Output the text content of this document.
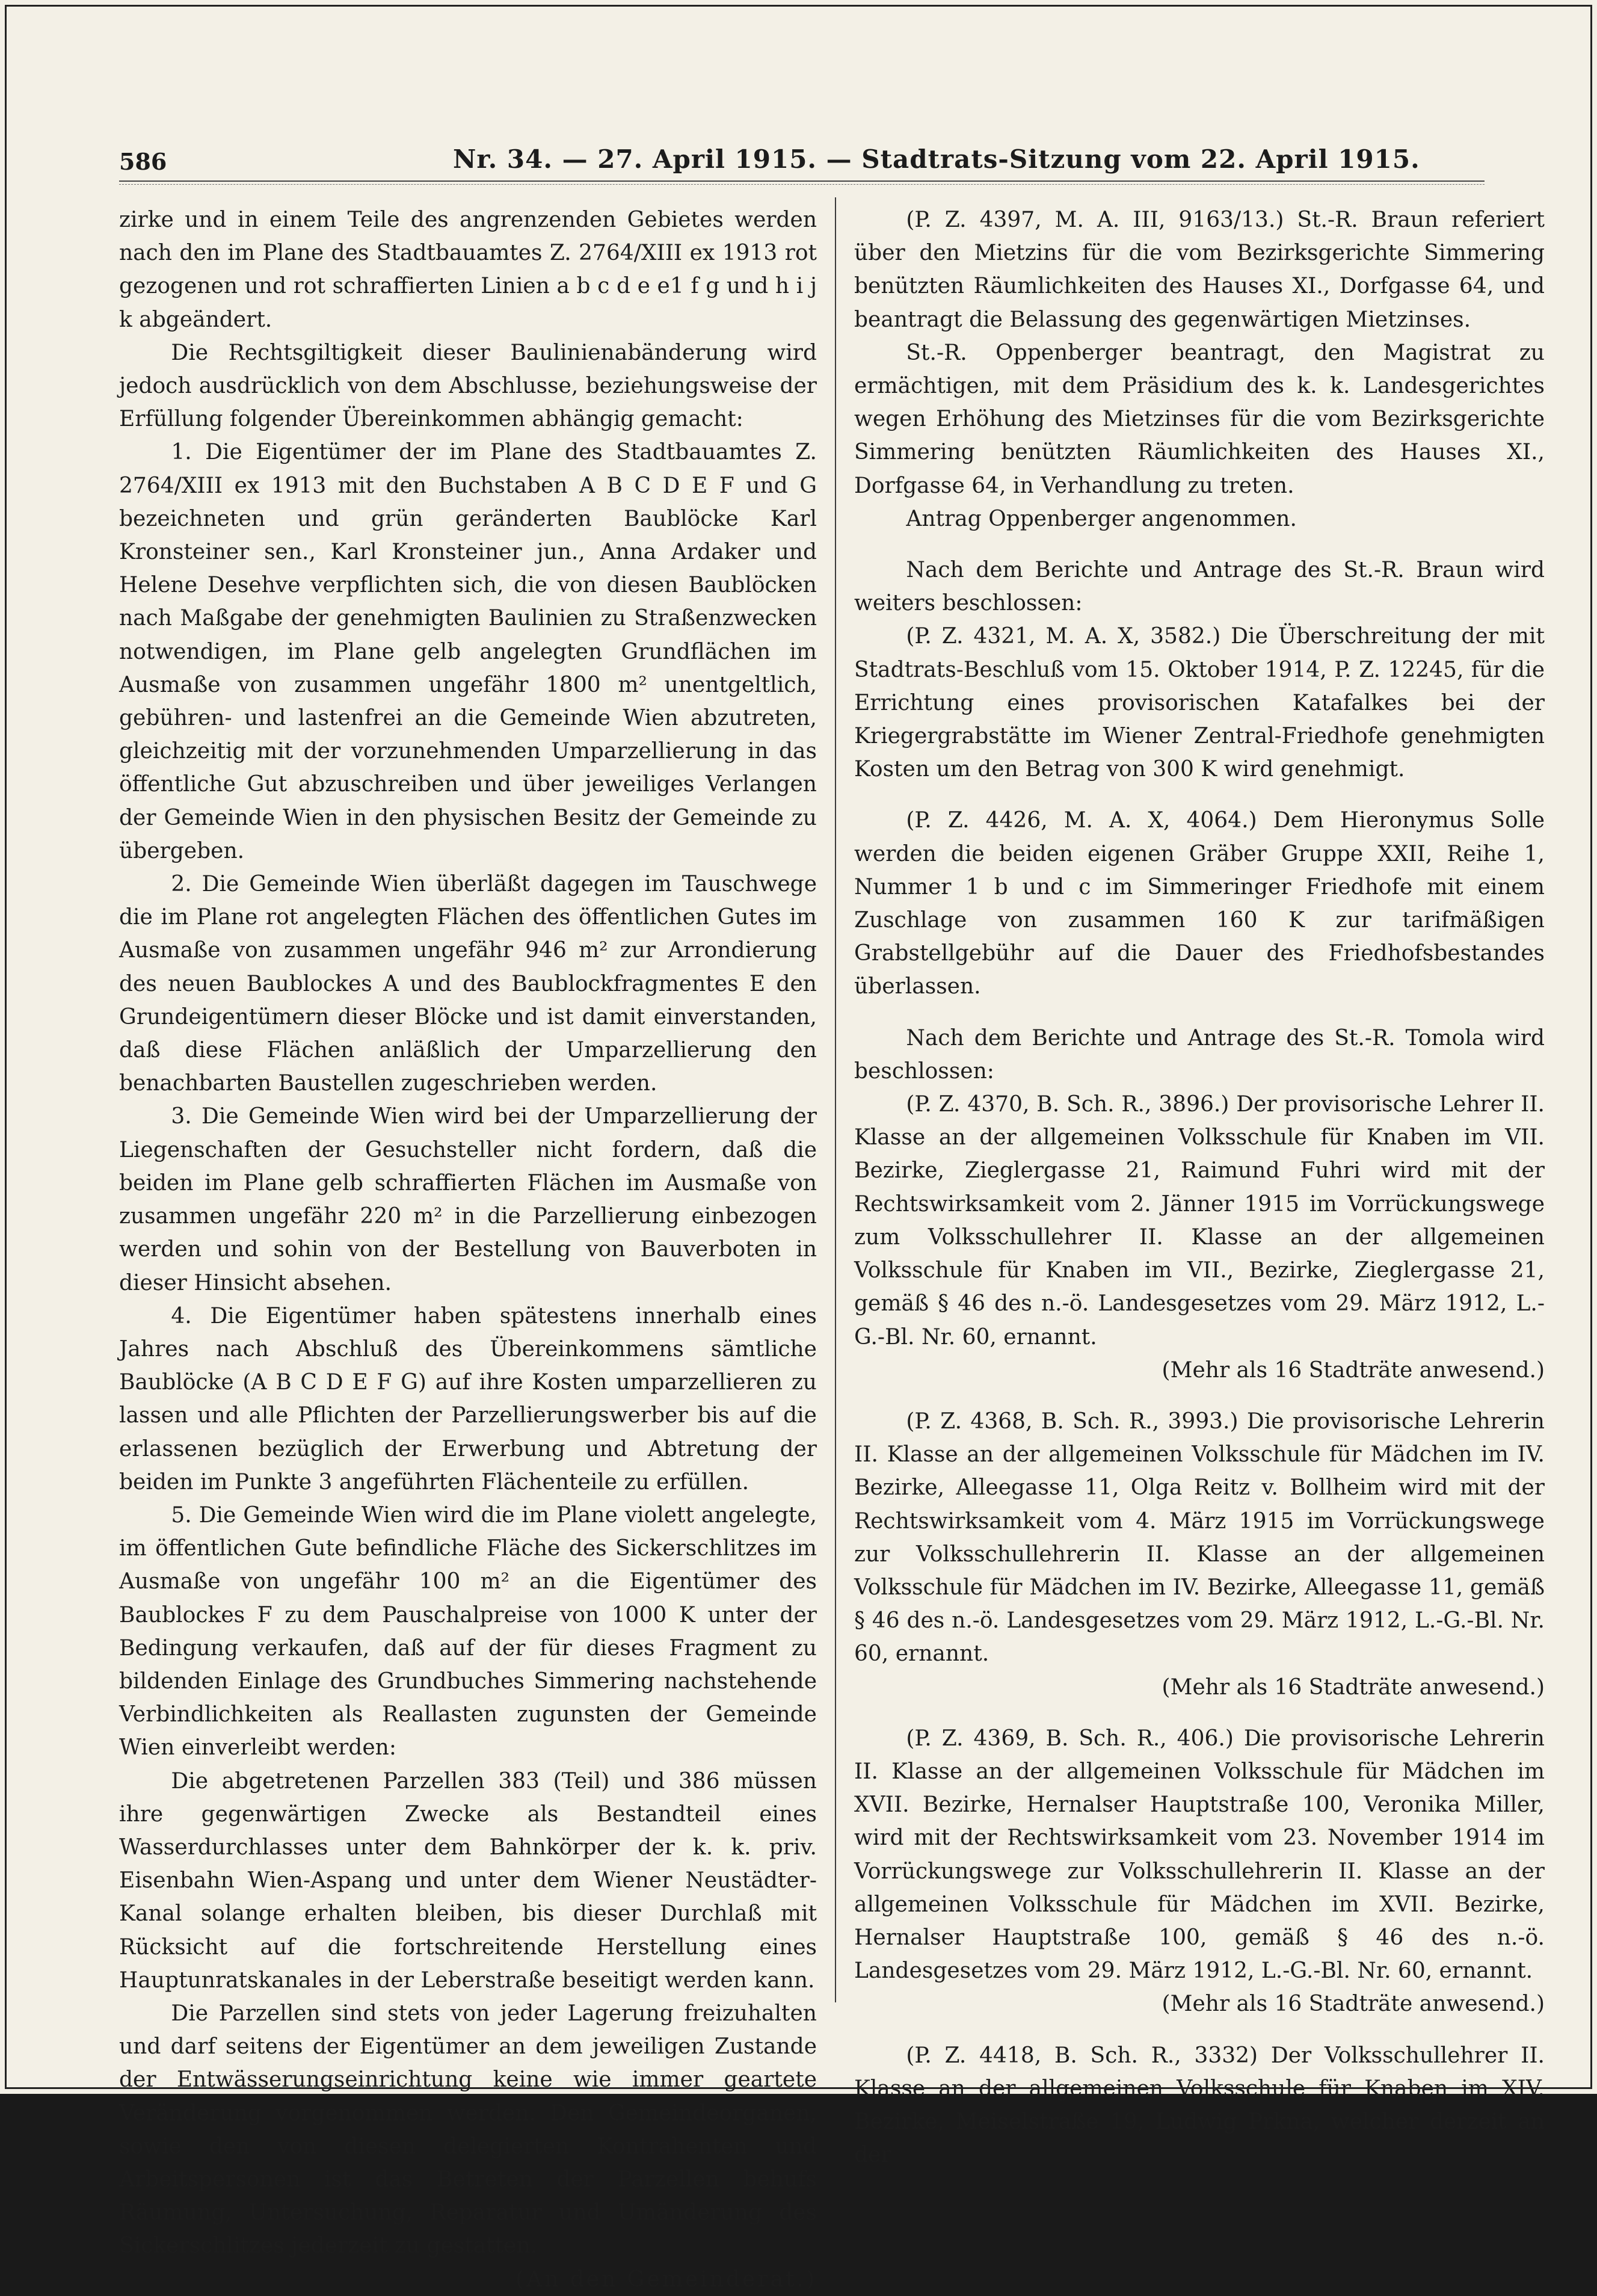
586	Nr. 34. — 27. April 1915. — Stadtrats-Sitzung vom 22. April 1915.

zirke und in einem Teile des angrenzenden Gebietes werden nach den im Plane des Stadtbauamtes Z. 2764/XIII ex 1913 rot gezogenen und rot schraffierten Linien a b c d e e1 f g und h i j k abgeändert.

Die Rechtsgiltigkeit dieser Baulinienabänderung wird jedoch ausdrücklich von dem Abschlusse, beziehungsweise der Erfüllung folgender Übereinkommen abhängig gemacht:

1. Die Eigentümer der im Plane des Stadtbauamtes Z. 2764/XIII ex 1913 mit den Buchstaben A B C D E F und G bezeichneten und grün geränderten Baublöcke Karl Kronsteiner sen., Karl Kronsteiner jun., Anna Ardaker und Helene Desehve verpflichten sich, die von diesen Baublöcken nach Maßgabe der genehmigten Baulinien zu Straßenzwecken notwendigen, im Plane gelb angelegten Grundflächen im Ausmaße von zusammen ungefähr 1800 m² unentgeltlich, gebühren- und lastenfrei an die Gemeinde Wien abzutreten, gleichzeitig mit der vorzunehmenden Umparzellierung in das öffentliche Gut abzuschreiben und über jeweiliges Verlangen der Gemeinde Wien in den physischen Besitz der Gemeinde zu übergeben.

2. Die Gemeinde Wien überläßt dagegen im Tauschwege die im Plane rot angelegten Flächen des öffentlichen Gutes im Ausmaße von zusammen ungefähr 946 m² zur Arrondierung des neuen Baublockes A und des Baublockfragmentes E den Grundeigentümern dieser Blöcke und ist damit einverstanden, daß diese Flächen anläßlich der Umparzellierung den benachbarten Baustellen zugeschrieben werden.

3. Die Gemeinde Wien wird bei der Umparzellierung der Liegenschaften der Gesuchsteller nicht fordern, daß die beiden im Plane gelb schraffierten Flächen im Ausmaße von zusammen ungefähr 220 m² in die Parzellierung einbezogen werden und sohin von der Bestellung von Bauverboten in dieser Hinsicht absehen.

4. Die Eigentümer haben spätestens innerhalb eines Jahres nach Abschluß des Übereinkommens sämtliche Baublöcke (A B C D E F G) auf ihre Kosten umparzellieren zu lassen und alle Pflichten der Parzellierungswerber bis auf die erlassenen bezüglich der Erwerbung und Abtretung der beiden im Punkte 3 angeführten Flächenteile zu erfüllen.

5. Die Gemeinde Wien wird die im Plane violett angelegte, im öffentlichen Gute befindliche Fläche des Sickerschlitzes im Ausmaße von ungefähr 100 m² an die Eigentümer des Baublockes F zu dem Pauschalpreise von 1000 K unter der Bedingung verkaufen, daß auf der für dieses Fragment zu bildenden Einlage des Grundbuches Simmering nachstehende Verbindlichkeiten als Reallasten zugunsten der Gemeinde Wien einverleibt werden:

Die abgetretenen Parzellen 383 (Teil) und 386 müssen ihre gegenwärtigen Zwecke als Bestandteil eines Wasserdurchlasses unter dem Bahnkörper der k. k. priv. Eisenbahn Wien-Aspang und unter dem Wiener Neustädter-Kanal solange erhalten bleiben, bis dieser Durchlaß mit Rücksicht auf die fortschreitende Herstellung eines Hauptunratskanales in der Leberstraße beseitigt werden kann.

Die Parzellen sind stets von jeder Lagerung freizuhalten und darf seitens der Eigentümer an dem jeweiligen Zustande der Entwässerungseinrichtung keine wie immer geartete Veränderung vorgenommen werden. Den Gemeindeorganen, sowie den von diesen delegierten Kontrahenten und Arbeitspersonen ist das Betreten der Parzellen behufs Räumung, Untersuchung, Reparatur und Umänderung des Sickerschlitzes jederzeit zu gestatten.

(An den Gemeinderat.)

(P. Z. 4397, M. A. III, 9163/13.) St.-R. Braun referiert über den Mietzins für die vom Bezirksgerichte Simmering benützten Räumlichkeiten des Hauses XI., Dorfgasse 64, und beantragt die Belassung des gegenwärtigen Mietzinses.

St.-R. Oppenberger beantragt, den Magistrat zu ermächtigen, mit dem Präsidium des k. k. Landesgerichtes wegen Erhöhung des Mietzinses für die vom Bezirksgerichte Simmering benützten Räumlichkeiten des Hauses XI., Dorfgasse 64, in Verhandlung zu treten.

Antrag Oppenberger angenommen.

Nach dem Berichte und Antrage des St.-R. Braun wird weiters beschlossen:

(P. Z. 4321, M. A. X, 3582.) Die Überschreitung der mit Stadtrats-Beschluß vom 15. Oktober 1914, P. Z. 12245, für die Errichtung eines provisorischen Katafalkes bei der Kriegergrabstätte im Wiener Zentral-Friedhofe genehmigten Kosten um den Betrag von 300 K wird genehmigt.

(P. Z. 4426, M. A. X, 4064.) Dem Hieronymus Solle werden die beiden eigenen Gräber Gruppe XXII, Reihe 1, Nummer 1 b und c im Simmeringer Friedhofe mit einem Zuschlage von zusammen 160 K zur tarifmäßigen Grabstellgebühr auf die Dauer des Friedhofsbestandes überlassen.

Nach dem Berichte und Antrage des St.-R. Tomola wird beschlossen:

(P. Z. 4370, B. Sch. R., 3896.) Der provisorische Lehrer II. Klasse an der allgemeinen Volksschule für Knaben im VII. Bezirke, Zieglergasse 21, Raimund Fuhri wird mit der Rechtswirksamkeit vom 2. Jänner 1915 im Vorrückungswege zum Volksschullehrer II. Klasse an der allgemeinen Volksschule für Knaben im VII., Bezirke, Zieglergasse 21, gemäß § 46 des n.-ö. Landesgesetzes vom 29. März 1912, L.-G.-Bl. Nr. 60, ernannt.

(Mehr als 16 Stadträte anwesend.)

(P. Z. 4368, B. Sch. R., 3993.) Die provisorische Lehrerin II. Klasse an der allgemeinen Volksschule für Mädchen im IV. Bezirke, Alleegasse 11, Olga Reitz v. Bollheim wird mit der Rechtswirksamkeit vom 4. März 1915 im Vorrückungswege zur Volksschullehrerin II. Klasse an der allgemeinen Volksschule für Mädchen im IV. Bezirke, Alleegasse 11, gemäß § 46 des n.-ö. Landesgesetzes vom 29. März 1912, L.-G.-Bl. Nr. 60, ernannt.

(Mehr als 16 Stadträte anwesend.)

(P. Z. 4369, B. Sch. R., 406.) Die provisorische Lehrerin II. Klasse an der allgemeinen Volksschule für Mädchen im XVII. Bezirke, Hernalser Hauptstraße 100, Veronika Miller, wird mit der Rechtswirksamkeit vom 23. November 1914 im Vorrückungswege zur Volksschullehrerin II. Klasse an der allgemeinen Volksschule für Mädchen im XVII. Bezirke, Hernalser Hauptstraße 100, gemäß § 46 des n.-ö. Landesgesetzes vom 29. März 1912, L.-G.-Bl. Nr. 60, ernannt.

(Mehr als 16 Stadträte anwesend.)

(P. Z. 4418, B. Sch. R., 3332) Der Volksschullehrer II. Klasse an der allgemeinen Volksschule für Knaben im XIV. Bezirke, Meiselstraße 19, Ludwig Prkna, welcher derzeit an der
